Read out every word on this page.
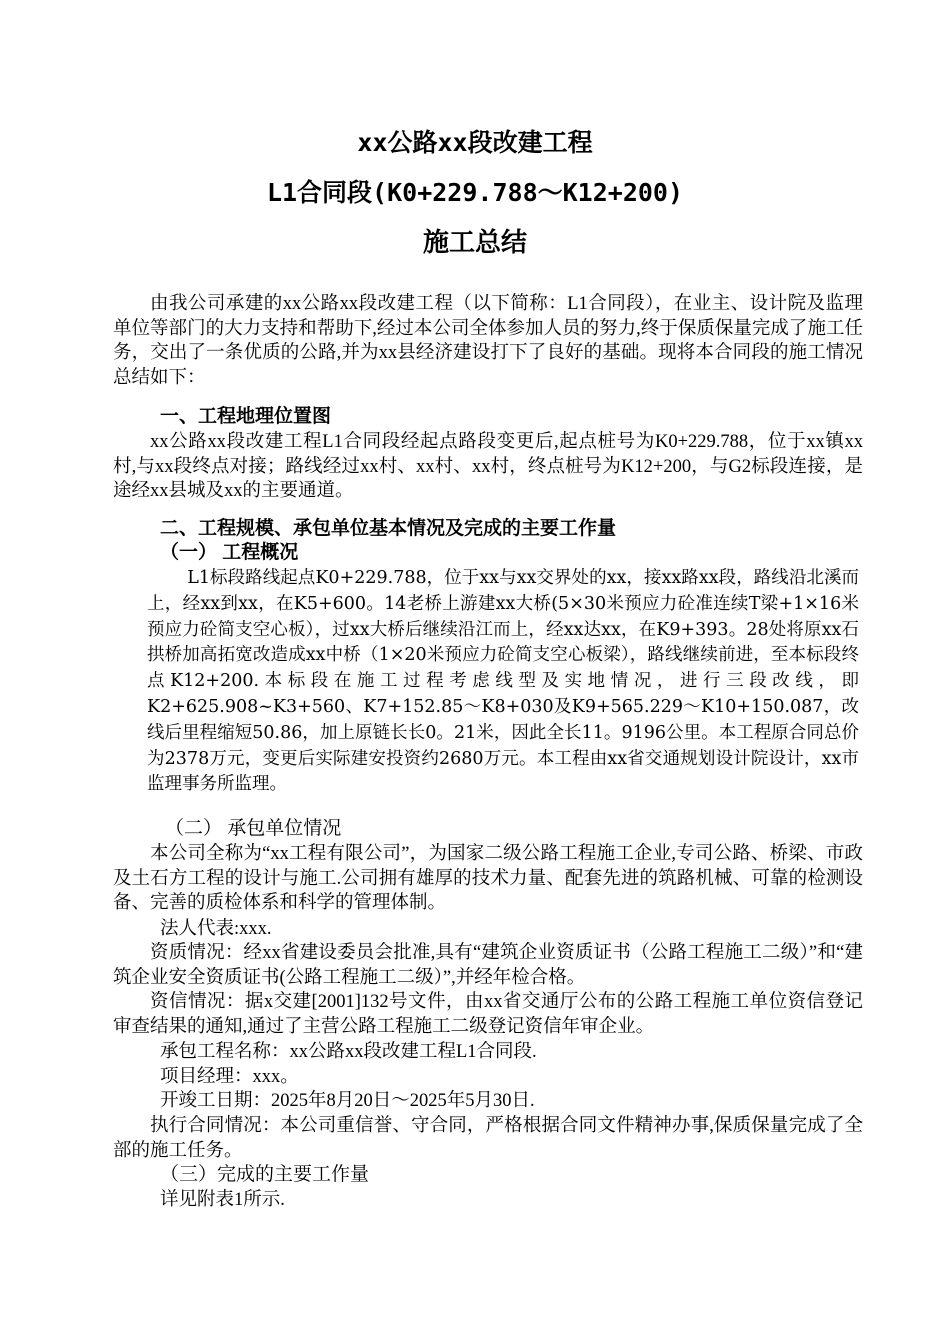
xx公路xx段改建工程
L1合同段(K0+229.788～K12+200)
施工总结

由我公司承建的xx公路xx段改建工程（以下简称：L1合同段），在业主、设计院及监理单位等部门的大力支持和帮助下,经过本公司全体参加人员的努力,终于保质保量完成了施工任务，交出了一条优质的公路,并为xx县经济建设打下了良好的基础。现将本合同段的施工情况总结如下：

一、工程地理位置图

xx公路xx段改建工程L1合同段经起点路段变更后,起点桩号为K0+229.788，位于xx镇xx村,与xx段终点对接；路线经过xx村、xx村、xx村，终点桩号为K12+200，与G2标段连接，是途经xx县城及xx的主要通道。

二、工程规模、承包单位基本情况及完成的主要工作量
（一） 工程概况

L1标段路线起点K0+229.788，位于xx与xx交界处的xx，接xx路xx段，路线沿北溪而上，经xx到xx，在K5+600。14老桥上游建xx大桥(5×30米预应力砼准连续T梁+1×16米预应力砼简支空心板），过xx大桥后继续沿江而上，经xx达xx，在K9+393。28处将原xx石拱桥加高拓宽改造成xx中桥（1×20米预应力砼简支空心板梁），路线继续前进，至本标段终点K12+200.本标段在施工过程考虑线型及实地情况，进行三段改线，即K2+625.908~K3+560、K7+152.85～K8+030及K9+565.229～K10+150.087，改线后里程缩短50.86，加上原链长长0。21米，因此全长11。9196公里。本工程原合同总价为2378万元，变更后实际建安投资约2680万元。本工程由xx省交通规划设计院设计，xx市监理事务所监理。

（二） 承包单位情况

本公司全称为“xx工程有限公司”，为国家二级公路工程施工企业,专司公路、桥梁、市政及土石方工程的设计与施工.公司拥有雄厚的技术力量、配套先进的筑路机械、可靠的检测设备、完善的质检体系和科学的管理体制。

法人代表:xxx.

资质情况：经xx省建设委员会批准,具有“建筑企业资质证书（公路工程施工二级）”和“建筑企业安全资质证书(公路工程施工二级）”,并经年检合格。

资信情况：据x交建[2001]132号文件，由xx省交通厅公布的公路工程施工单位资信登记审查结果的通知,通过了主营公路工程施工二级登记资信年审企业。

承包工程名称：xx公路xx段改建工程L1合同段.
项目经理：xxx。
开竣工日期：2025年8月20日～2025年5月30日.

执行合同情况：本公司重信誉、守合同，严格根据合同文件精神办事,保质保量完成了全部的施工任务。

（三）完成的主要工作量
详见附表1所示.
